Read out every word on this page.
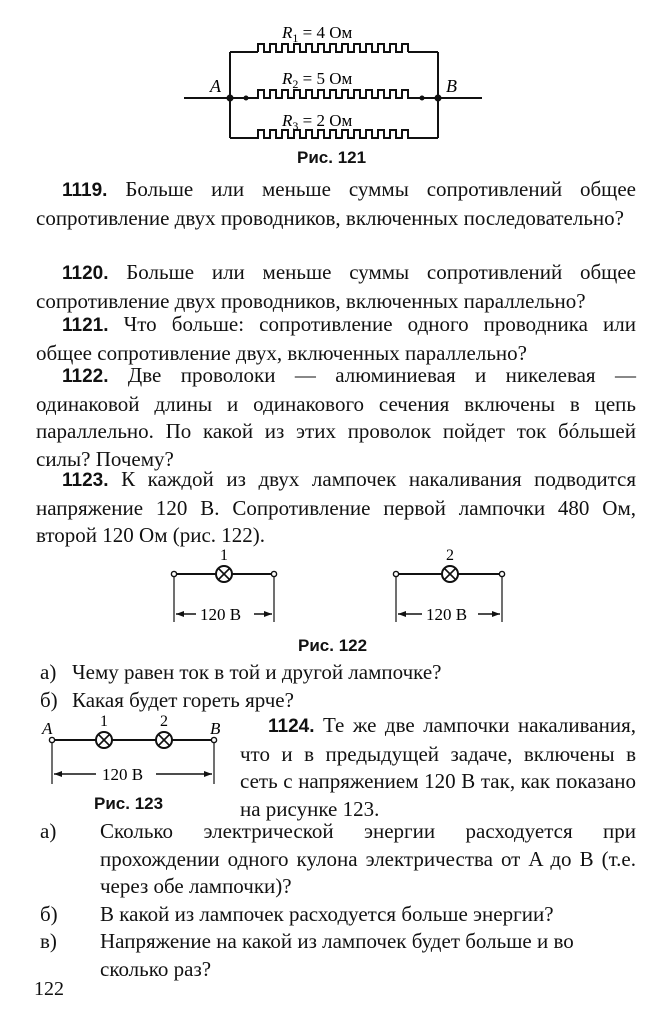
$R_1 = 4$ Ом
$R_2 = 5$ Ом
$R_3 = 2$ Ом
A	B
Рис. 121
1119. Больше или меньше суммы сопротивлений общее сопротивление двух проводников, включенных последовательно?
1120. Больше или меньше суммы сопротивлений общее сопротивление двух проводников, включенных параллельно?
1121. Что больше: сопротивление одного проводника или общее сопротивление двух, включенных параллельно?
1122. Две проволоки — алюминиевая и никелевая — одинаковой длины и одинакового сечения включены в цепь параллельно. По какой из этих проволок пойдет ток бóльшей силы? Почему?
1123. К каждой из двух лампочек накаливания подводится напряжение 120 В. Сопротивление первой лампочки 480 Ом, второй 120 Ом (рис. 122).
1	2
120 В	120 В
Рис. 122
а) Чему равен ток в той и другой лампочке?
б) Какая будет гореть ярче?
A	B
1	2
120 В
Рис. 123
1124. Те же две лампочки накаливания, что и в предыдущей задаче, включены в сеть с напряжением 120 В так, как показано на рисунке 123.
а) Сколько электрической энергии расходуется при прохождении одного кулона электричества от A до B (т.е. через обе лампочки)?
б) В какой из лампочек расходуется больше энергии?
в) Напряжение на какой из лампочек будет больше и во сколько раз?
122
